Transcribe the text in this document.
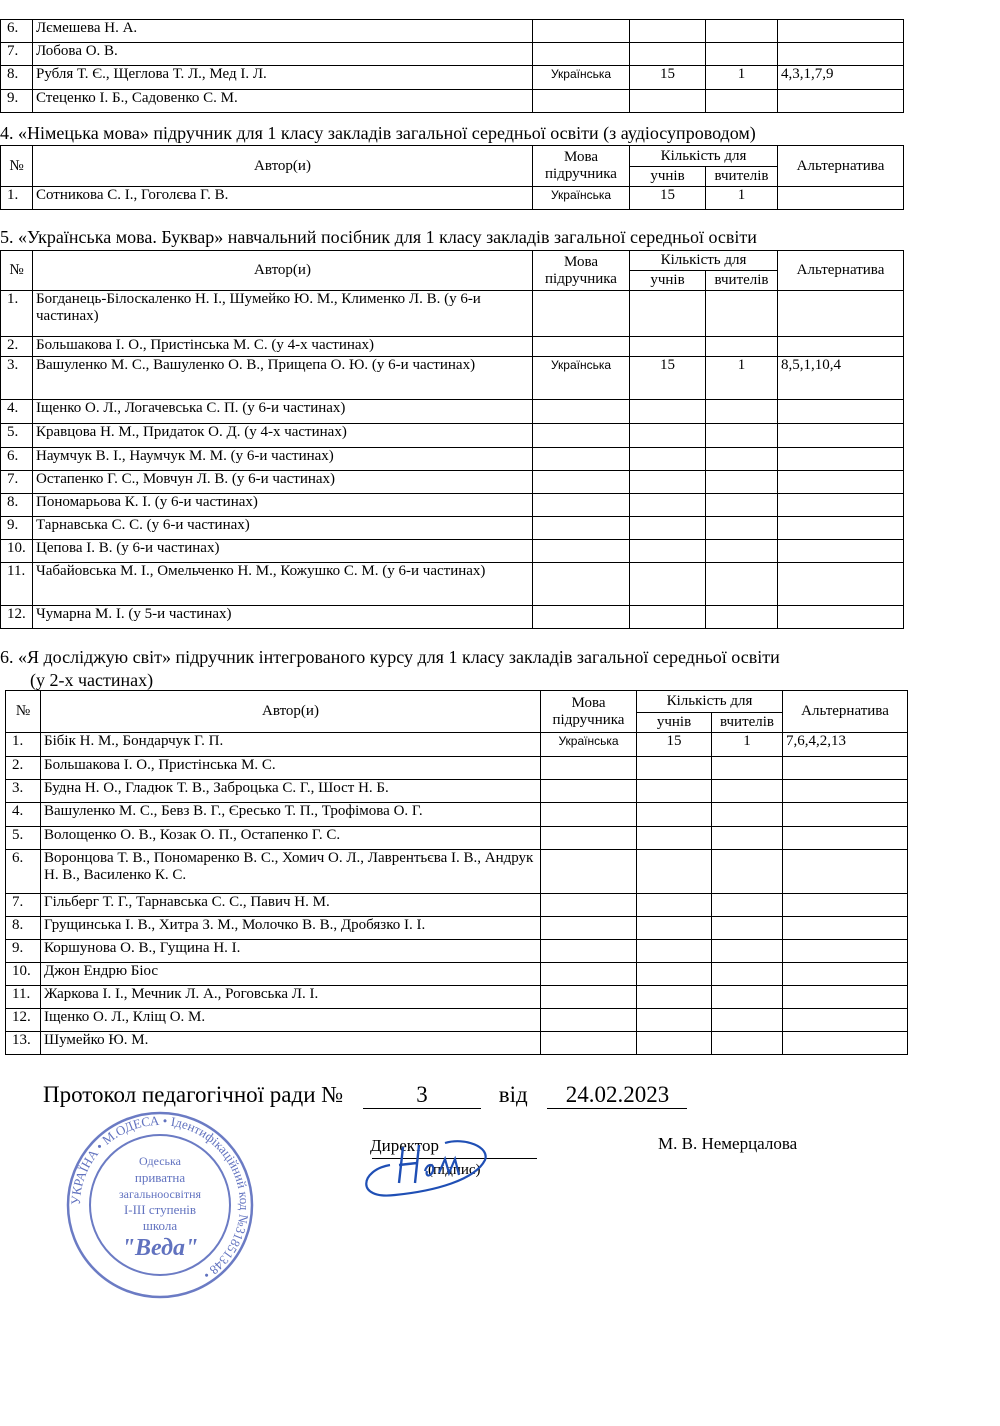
6.	Лємешева Н. А.				
7.	Лобова О. В.				
8.	Рубля Т. Є., Щеглова Т. Л., Мед І. Л.	Українська	15	1	4,3,1,7,9
9.	Стеценко І. Б., Садовенко С. М.				
4. «Німецька мова» підручник для 1 класу закладів загальної середньої освіти (з аудіосупроводом)
№	Автор(и)	Мова підручника	Кількість для		Альтернатива
			учнів	вчителів	
1.	Сотникова С. І., Гоголєва Г. В.	Українська	15	1	
5. «Українська мова. Буквар» навчальний посібник для 1 класу закладів загальної середньої освіти
№	Автор(и)	Мова підручника	Кількість для		Альтернатива
			учнів	вчителів	
1.	Богданець-Білоскаленко Н. І., Шумейко Ю. М., Клименко Л. В. (у 6-и частинах)				
2.	Большакова І. О., Пристінська М. С. (у 4-х частинах)				
3.	Вашуленко М. С., Вашуленко О. В., Прищепа О. Ю. (у 6-и частинах)	Українська	15	1	8,5,1,10,4
4.	Іщенко О. Л., Логачевська С. П. (у 6-и частинах)				
5.	Кравцова Н. М., Придаток О. Д. (у 4-х частинах)				
6.	Наумчук В. І., Наумчук М. М. (у 6-и частинах)				
7.	Остапенко Г. С., Мовчун Л. В. (у 6-и частинах)				
8.	Пономарьова К. І. (у 6-и частинах)				
9.	Тарнавська С. С. (у 6-и частинах)				
10.	Цепова І. В. (у 6-и частинах)				
11.	Чабайовська М. І., Омельченко Н. М., Кожушко С. М. (у 6-и частинах)				
12.	Чумарна М. І. (у 5-и частинах)				
6. «Я досліджую світ» підручник інтегрованого курсу для 1 класу закладів загальної середньої освіти
(у 2-х частинах)
№	Автор(и)	Мова підручника	Кількість для		Альтернатива
			учнів	вчителів	
1.	Бібік Н. М., Бондарчук Г. П.	Українська	15	1	7,6,4,2,13
2.	Большакова І. О., Пристінська М. С.				
3.	Будна Н. О., Гладюк Т. В., Заброцька С. Г., Шост Н. Б.				
4.	Вашуленко М. С., Бевз В. Г., Єресько Т. П., Трофімова О. Г.				
5.	Волощенко О. В., Козак О. П., Остапенко Г. С.				
6.	Воронцова Т. В., Пономаренко В. С., Хомич О. Л., Лаврентьєва І. В., Андрук Н. В., Василенко К. С.				
7.	Гільберг Т. Г., Тарнавська С. С., Павич Н. М.				
8.	Грущинська І. В., Хитра З. М., Молочко В. В., Дробязко І. І.				
9.	Коршунова О. В., Гущина Н. І.				
10.	Джон Ендрю Біос				
11.	Жаркова І. І., Мечник Л. А., Роговська Л. І.				
12.	Іщенко О. Л., Кліщ О. М.				
13.	Шумейко Ю. М.				
Протокол педагогічної ради №	3	від 24.02.2023
УКРАЇНА • М.ОДЕСА • Ідентифікаційний код №31851348 •
Одеська
приватна
загальноосвітня
I-III ступенів
школа
"Веда"
Директор
(підпис)
М. В. Немерцалова
